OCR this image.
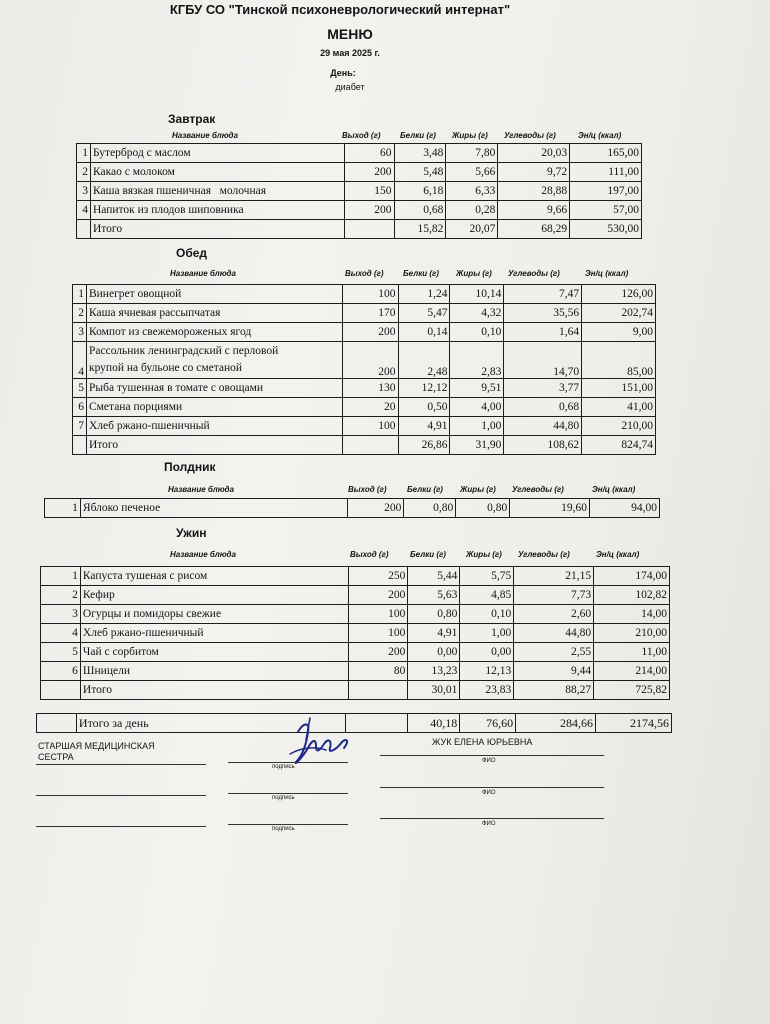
КГБУ СО "Тинской психоневрологический интернат"
МЕНЮ
29 мая 2025 г.
День:
диабет
Завтрак
Название блюда	Выход (г) Белки (г) Жиры (г) Углеводы (г)	Эн/ц (ккал)
1	Бутерброд с маслом	60	3,48	7,80	20,03	165,00
2	Какао с молоком	200	5,48	5,66	9,72	111,00
3	Каша вязкая пшеничная   молочная	150	6,18	6,33	28,88	197,00
4	Напиток из плодов шиповника	200	0,68	0,28	9,66	57,00
	Итого		15,82	20,07	68,29	530,00
Обед
Название блюда	Выход (г) Белки (г) Жиры (г) Углеводы (г)	Эн/ц (ккал)
1	Винегрет овощной	100	1,24	10,14	7,47	126,00
2	Каша ячневая рассыпчатая	170	5,47	4,32	35,56	202,74
3	Компот из свежемороженых ягод	200	0,14	0,10	1,64	9,00
4	Рассольник ленинградский с перловой
крупой на бульоне со сметаной	200	2,48	2,83	14,70	85,00
5	Рыба тушенная в томате с овощами	130	12,12	9,51	3,77	151,00
6	Сметана порциями	20	0,50	4,00	0,68	41,00
7	Хлеб ржано-пшеничный	100	4,91	1,00	44,80	210,00
	Итого		26,86	31,90	108,62	824,74
Полдник
Название блюда	Выход (г)	Белки (г) Жиры (г) Углеводы (г)	Эн/ц (ккал)
1	Яблоко печеное	200	0,80	0,80	19,60	94,00
Ужин
Название блюда	Выход (г)	Белки (г)	Жиры (г) Углеводы (г)	Эн/ц (ккал)
1	Капуста тушеная с рисом	250	5,44	5,75	21,15	174,00
2	Кефир	200	5,63	4,85	7,73	102,82
3	Огурцы и помидоры свежие	100	0,80	0,10	2,60	14,00
4	Хлеб ржано-пшеничный	100	4,91	1,00	44,80	210,00
5	Чай с сорбитом	200	0,00	0,00	2,55	11,00
6	Шницели	80	13,23	12,13	9,44	214,00
	Итого		30,01	23,83	88,27	725,82
	Итого за день		40,18	76,60	284,66	2174,56
СТАРШАЯ МЕДИЦИНСКАЯ СЕСТРА
подпись
ЖУК ЕЛЕНА ЮРЬЕВНА
ФИО
подпись
ФИО
подпись
ФИО
